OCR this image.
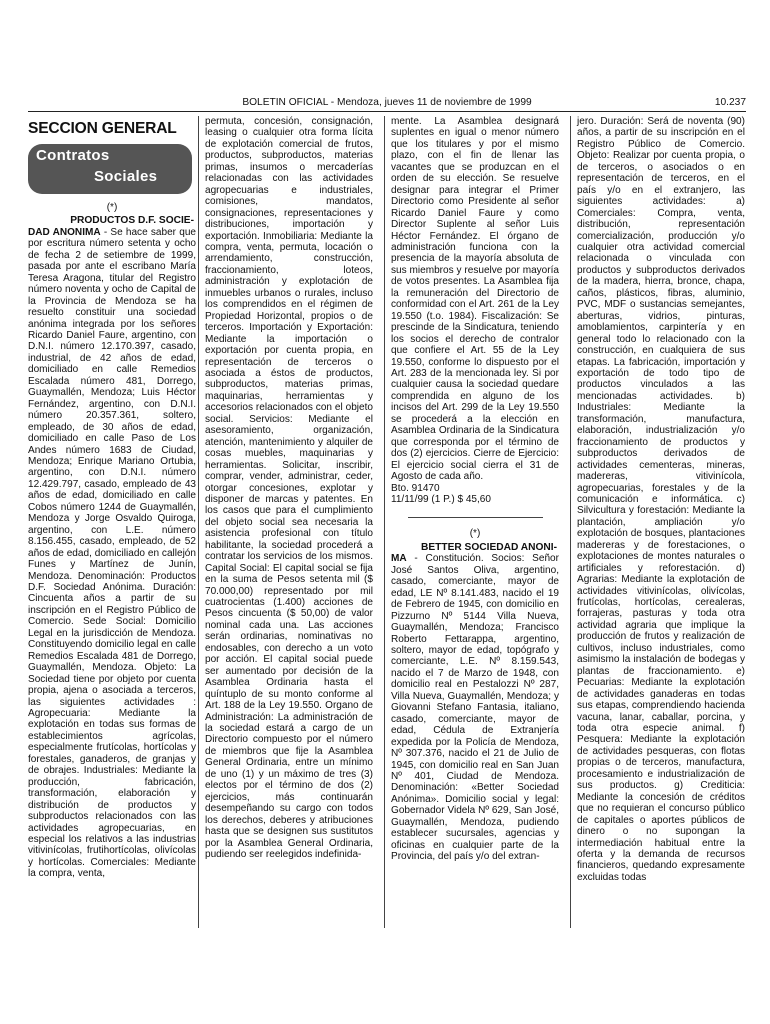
BOLETIN OFICIAL - Mendoza, jueves 11 de noviembre de 1999	10.237
SECCION GENERAL
Contratos
Sociales
(*)
PRODUCTOS D.F. SOCIE-

DAD ANONIMA - Se hace saber que por escritura número setenta y ocho de fecha 2 de setiembre de 1999, pasada por ante el escribano María Teresa Aragona, titular del Registro número noventa y ocho de Capital de la Provincia de Mendoza se ha resuelto constituir una sociedad anónima integrada por los señores Ricardo Daniel Faure, argentino, con D.N.I. número 12.170.397, casado, industrial, de 42 años de edad, domiciliado en calle Remedios Escalada número 481, Dorrego, Guaymallén, Mendoza; Luis Héctor Fernández, argentino, con D.N.I. número 20.357.361, soltero, empleado, de 30 años de edad, domiciliado en calle Paso de Los Andes número 1683 de Ciudad, Mendoza; Enrique Mariano Ortubia, argentino, con D.N.I. número 12.429.797, casado, empleado de 43 años de edad, domiciliado en calle Cobos número 1244 de Guaymallén, Mendoza y Jorge Osvaldo Quiroga, argentino, con L.E. número 8.156.455, casado, empleado, de 52 años de edad, domiciliado en callejón Funes y Martínez de Junín, Mendoza. Denominación: Productos D.F. Sociedad Anónima. Duración: Cincuenta años a partir de su inscripción en el Registro Público de Comercio. Sede Social: Domicilio Legal en la jurisdicción de Mendoza. Constituyendo domicilio legal en calle Remedios Escalada 481 de Dorrego, Guaymallén, Mendoza. Objeto: La Sociedad tiene por objeto por cuenta propia, ajena o asociada a terceros, las siguientes actividades : Agropecuaria: Mediante la explotación en todas sus formas de establecimientos agrícolas, especialmente frutícolas, hortícolas y forestales, ganaderos, de granjas y de obrajes. Industriales: Mediante la producción, fabricación, transformación, elaboración y distribución de productos y subproductos relacionados con las actividades agropecuarias, en especial los relativos a las industrias vitivinícolas, frutihortícolas, olivícolas y hortícolas. Comerciales: Mediante la compra, venta,

permuta, concesión, consignación, leasing o cualquier otra forma lícita de explotación comercial de frutos, productos, subproductos, materias primas, insumos o mercaderías relacionadas con las actividades agropecuarias e industriales, comisiones, mandatos, consignaciones, representaciones y distribuciones, importación y exportación. Inmobiliaria: Mediante la compra, venta, permuta, locación o arrendamiento, construcción, fraccionamiento, loteos, administración y explotación de inmuebles urbanos o rurales, incluso los comprendidos en el régimen de Propiedad Horizontal, propios o de terceros. Importación y Exportación: Mediante la importación o exportación por cuenta propia, en representación de terceros o asociada a éstos de productos, subproductos, materias primas, maquinarias, herramientas y accesorios relacionados con el objeto social. Servicios: Mediante el asesoramiento, organización, atención, mantenimiento y alquiler de cosas muebles, maquinarias y herramientas. Solicitar, inscribir, comprar, vender, administrar, ceder, otorgar concesiones, explotar y disponer de marcas y patentes. En los casos que para el cumplimiento del objeto social sea necesaria la asistencia profesional con título habilitante, la sociedad procederá a contratar los servicios de los mismos. Capital Social: El capital social se fija en la suma de Pesos setenta mil ($ 70.000,00) representado por mil cuatrocientas (1.400) acciones de Pesos cincuenta ($ 50,00) de valor nominal cada una. Las acciones serán ordinarias, nominativas no endosables, con derecho a un voto por acción. El capital social puede ser aumentado por decisión de la Asamblea Ordinaria hasta el quíntuplo de su monto conforme al Art. 188 de la Ley 19.550. Organo de Administración: La administración de la sociedad estará a cargo de un Directorio compuesto por el número de miembros que fije la Asamblea General Ordinaria, entre un mínimo de uno (1) y un máximo de tres (3) electos por el término de dos (2) ejercicios, más continuarán desempeñando su cargo con todos los derechos, deberes y atribuciones hasta que se designen sus sustitutos por la Asamblea General Ordinaria, pudiendo ser reelegidos indefinida-

mente. La Asamblea designará suplentes en igual o menor número que los titulares y por el mismo plazo, con el fin de llenar las vacantes que se produzcan en el orden de su elección. Se resuelve designar para integrar el Primer Directorio como Presidente al señor Ricardo Daniel Faure y como Director Suplente al señor Luis Héctor Fernández. El órgano de administración funciona con la presencia de la mayoría absoluta de sus miembros y resuelve por mayoría de votos presentes. La Asamblea fija la remuneración del Directorio de conformidad con el Art. 261 de la Ley 19.550 (t.o. 1984). Fiscalización: Se prescinde de la Sindicatura, teniendo los socios el derecho de contralor que confiere el Art. 55 de la Ley 19.550, conforme lo dispuesto por el Art. 283 de la mencionada ley. Si por cualquier causa la sociedad quedare comprendida en alguno de los incisos del Art. 299 de la Ley 19.550 se procederá a la elección en Asamblea Ordinaria de la Sindicatura que corresponda por el término de dos (2) ejercicios. Cierre de Ejercicio: El ejercicio social cierra el 31 de Agosto de cada año.

Bto. 91470

11/11/99 (1 P.) $ 45,60

(*)
BETTER SOCIEDAD ANONI-

MA - Constitución. Socios: Señor José Santos Oliva, argentino, casado, comerciante, mayor de edad, LE Nº 8.141.483, nacido el 19 de Febrero de 1945, con domicilio en Pizzurno Nº 5144 Villa Nueva, Guaymallén, Mendoza; Francisco Roberto Fettarappa, argentino, soltero, mayor de edad, topógrafo y comerciante, L.E. Nº 8.159.543, nacido el 7 de Marzo de 1948, con domicilio real en Pestalozzi Nº 287, Villa Nueva, Guaymallén, Mendoza; y Giovanni Stefano Fantasia, italiano, casado, comerciante, mayor de edad, Cédula de Extranjería expedida por la Policía de Mendoza, Nº 307.376, nacido el 21 de Julio de 1945, con domicilio real en San Juan Nº 401, Ciudad de Mendoza. Denominación: «Better Sociedad Anónima». Domicilio social y legal: Gobernador Videla Nº 629, San José, Guaymallén, Mendoza, pudiendo establecer sucursales, agencias y oficinas en cualquier parte de la Provincia, del país y/o del extran-

jero. Duración: Será de noventa (90) años, a partir de su inscripción en el Registro Público de Comercio. Objeto: Realizar por cuenta propia, o de terceros, o asociados o en representación de terceros, en el país y/o en el extranjero, las siguientes actividades: a) Comerciales: Compra, venta, distribución, representación comercialización, producción y/o cualquier otra actividad comercial relacionada o vinculada con productos y subproductos derivados de la madera, hierra, bronce, chapa, caños, plásticos, fibras, aluminio, PVC, MDF o sustancias semejantes, aberturas, vidrios, pinturas, amoblamientos, carpintería y en general todo lo relacionado con la construcción, en cualquiera de sus etapas. La fabricación, importación y exportación de todo tipo de productos vinculados a las mencionadas actividades. b) Industriales: Mediante la transformación, manufactura, elaboración, industrialización y/o fraccionamiento de productos y subproductos derivados de actividades cementeras, mineras, madereras, vitivinícola, agropecuarias, forestales y de la comunicación e informática. c) Silvicultura y forestación: Mediante la plantación, ampliación y/o explotación de bosques, plantaciones madereras y de forestaciones, o explotaciones de montes naturales o artificiales y reforestación. d) Agrarias: Mediante la explotación de actividades vitivinícolas, olivícolas, frutícolas, hortícolas, cerealeras, forrajeras, pasturas y toda otra actividad agraria que implique la producción de frutos y realización de cultivos, incluso industriales, como asimismo la instalación de bodegas y plantas de fraccionamiento. e) Pecuarias: Mediante la explotación de actividades ganaderas en todas sus etapas, comprendiendo hacienda vacuna, lanar, caballar, porcina, y toda otra especie animal. f) Pesquera: Mediante la explotación de actividades pesqueras, con flotas propias o de terceros, manufactura, procesamiento e industrialización de sus productos. g) Crediticia: Mediante la concesión de créditos que no requieran el concurso público de capitales o aportes públicos de dinero o no supongan la intermediación habitual entre la oferta y la demanda de recursos financieros, quedando expresamente excluidas todas
